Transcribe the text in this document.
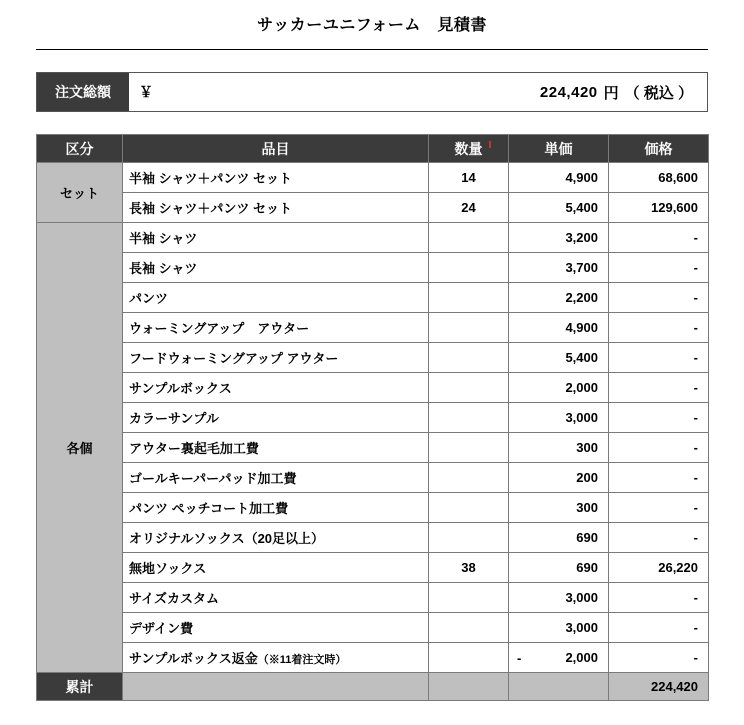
サッカーユニフォーム　見積書
注文総額	￥	224,420 円 （ 税込 ）
区分	品目	数量	単価	価格
セット	半袖 シャツ＋パンツ セット	14	4,900	68,600
	長袖 シャツ＋パンツ セット	24	5,400	129,600
各個	半袖 シャツ		3,200	-
	長袖 シャツ		3,700	-
	パンツ		2,200	-
	ウォーミングアップ　アウター		4,900	-
	フードウォーミングアップ アウター		5,400	-
	サンプルボックス		2,000	-
	カラーサンプル		3,000	-
	アウター裏起毛加工費		300	-
	ゴールキーパーパッド加工費		200	-
	パンツ ペッチコート加工費		300	-
	オリジナルソックス（20足以上）		690	-
	無地ソックス	38	690	26,220
	サイズカスタム		3,000	-
	デザイン費		3,000	-
	サンプルボックス返金（※11着注文時）		- 2,000	-
累計				224,420
